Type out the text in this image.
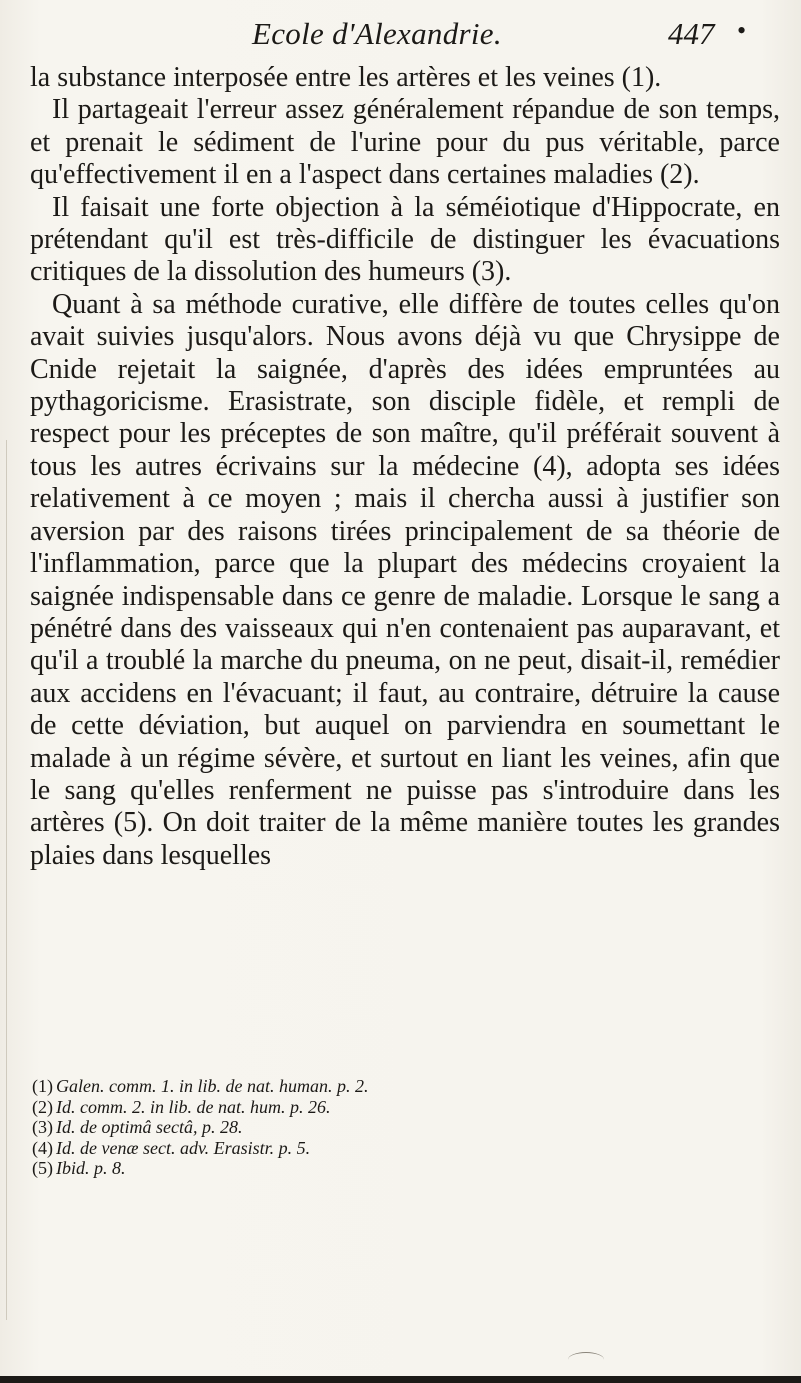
Ecole d'Alexandrie.	447 •

la substance interposée entre les artères et les veines (1).

Il partageait l'erreur assez généralement répandue de son temps, et prenait le sédiment de l'urine pour du pus véritable, parce qu'effectivement il en a l'aspect dans certaines maladies (2).

Il faisait une forte objection à la séméiotique d'Hippocrate, en prétendant qu'il est très-difficile de distinguer les évacuations critiques de la dissolution des humeurs (3).

Quant à sa méthode curative, elle diffère de toutes celles qu'on avait suivies jusqu'alors. Nous avons déjà vu que Chrysippe de Cnide rejetait la saignée, d'après des idées empruntées au pythagoricisme. Erasistrate, son disciple fidèle, et rempli de respect pour les préceptes de son maître, qu'il préférait souvent à tous les autres écrivains sur la médecine (4), adopta ses idées relativement à ce moyen ; mais il chercha aussi à justifier son aversion par des raisons tirées principalement de sa théorie de l'inflammation, parce que la plupart des médecins croyaient la saignée indispensable dans ce genre de maladie. Lorsque le sang a pénétré dans des vaisseaux qui n'en contenaient pas auparavant, et qu'il a troublé la marche du pneuma, on ne peut, disait-il, remédier aux accidens en l'évacuant; il faut, au contraire, détruire la cause de cette déviation, but auquel on parviendra en soumettant le malade à un régime sévère, et surtout en liant les veines, afin que le sang qu'elles renferment ne puisse pas s'introduire dans les artères (5). On doit traiter de la même manière toutes les grandes plaies dans lesquelles

(1) Galen. comm. 1. in lib. de nat. human. p. 2.
(2) Id. comm. 2. in lib. de nat. hum. p. 26.
(3) Id. de optimâ sectâ, p. 28.
(4) Id. de venæ sect. adv. Erasistr. p. 5.
(5) Ibid. p. 8.
